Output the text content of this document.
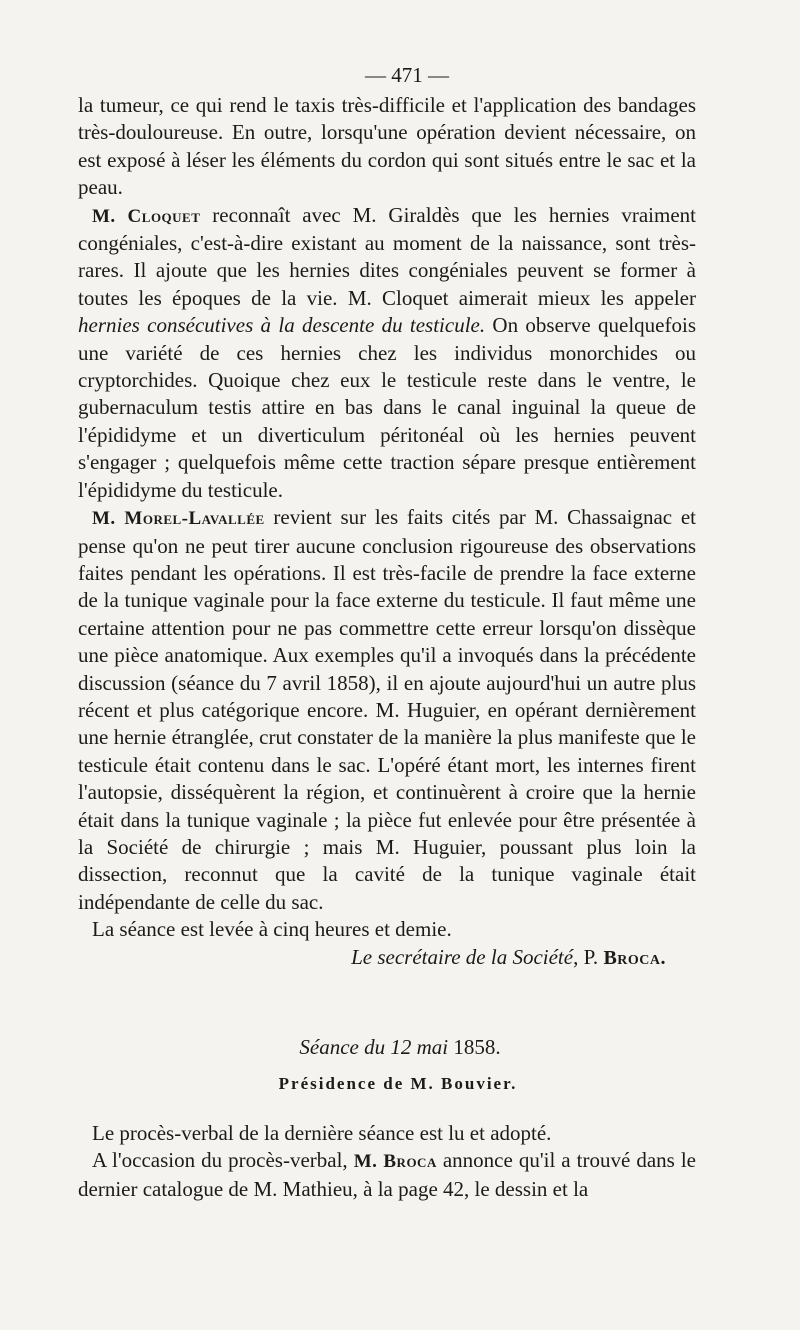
— 471 —

la tumeur, ce qui rend le taxis très-difficile et l'application des bandages très-douloureuse. En outre, lorsqu'une opération devient nécessaire, on est exposé à léser les éléments du cordon qui sont situés entre le sac et la peau.

M. Cloquet reconnaît avec M. Giraldès que les hernies vraiment congéniales, c'est-à-dire existant au moment de la naissance, sont très-rares. Il ajoute que les hernies dites congéniales peuvent se former à toutes les époques de la vie. M. Cloquet aimerait mieux les appeler hernies consécutives à la descente du testicule. On observe quelquefois une variété de ces hernies chez les individus monorchides ou cryptorchides. Quoique chez eux le testicule reste dans le ventre, le gubernaculum testis attire en bas dans le canal inguinal la queue de l'épididyme et un diverticulum péritonéal où les hernies peuvent s'engager ; quelquefois même cette traction sépare presque entièrement l'épididyme du testicule.

M. Morel-Lavallée revient sur les faits cités par M. Chassaignac et pense qu'on ne peut tirer aucune conclusion rigoureuse des observations faites pendant les opérations. Il est très-facile de prendre la face externe de la tunique vaginale pour la face externe du testicule. Il faut même une certaine attention pour ne pas commettre cette erreur lorsqu'on dissèque une pièce anatomique. Aux exemples qu'il a invoqués dans la précédente discussion (séance du 7 avril 1858), il en ajoute aujourd'hui un autre plus récent et plus catégorique encore. M. Huguier, en opérant dernièrement une hernie étranglée, crut constater de la manière la plus manifeste que le testicule était contenu dans le sac. L'opéré étant mort, les internes firent l'autopsie, disséquèrent la région, et continuèrent à croire que la hernie était dans la tunique vaginale ; la pièce fut enlevée pour être présentée à la Société de chirurgie ; mais M. Huguier, poussant plus loin la dissection, reconnut que la cavité de la tunique vaginale était indépendante de celle du sac.

La séance est levée à cinq heures et demie.

Le secrétaire de la Société, P. Broca.

Séance du 12 mai 1858.
Présidence de M. Bouvier.

Le procès-verbal de la dernière séance est lu et adopté.

A l'occasion du procès-verbal, M. Broca annonce qu'il a trouvé dans le dernier catalogue de M. Mathieu, à la page 42, le dessin et la
